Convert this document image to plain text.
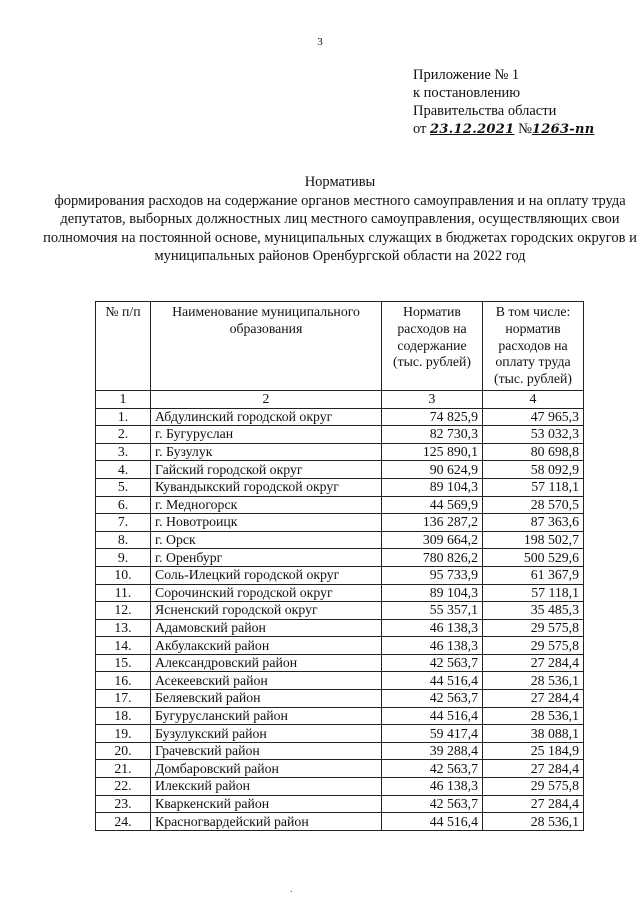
3
Приложение № 1
к постановлению
Правительства области
от 23.12.2021 №1263-пп
Нормативы
формирования расходов на содержание органов местного самоуправления и на оплату труда депутатов, выборных должностных лиц местного самоуправления, осуществляющих свои полномочия на постоянной основе, муниципальных служащих в бюджетах городских округов и муниципальных районов Оренбургской области на 2022 год
№ п/п	Наименование муниципального образования	Норматив расходов на содержание (тыс. рублей)	В том числе: норматив расходов на оплату труда (тыс. рублей)
1	2	3	4
1.	Абдулинский городской округ	74 825,9	47 965,3
2.	г. Бугуруслан	82 730,3	53 032,3
3.	г. Бузулук	125 890,1	80 698,8
4.	Гайский городской округ	90 624,9	58 092,9
5.	Кувандыкский городской округ	89 104,3	57 118,1
6.	г. Медногорск	44 569,9	28 570,5
7.	г. Новотроицк	136 287,2	87 363,6
8.	г. Орск	309 664,2	198 502,7
9.	г. Оренбург	780 826,2	500 529,6
10.	Соль-Илецкий городской округ	95 733,9	61 367,9
11.	Сорочинский городской округ	89 104,3	57 118,1
12.	Ясненский городской округ	55 357,1	35 485,3
13.	Адамовский район	46 138,3	29 575,8
14.	Акбулакский район	46 138,3	29 575,8
15.	Александровский район	42 563,7	27 284,4
16.	Асекеевский район	44 516,4	28 536,1
17.	Беляевский район	42 563,7	27 284,4
18.	Бугурусланский район	44 516,4	28 536,1
19.	Бузулукский район	59 417,4	38 088,1
20.	Грачевский район	39 288,4	25 184,9
21.	Домбаровский район	42 563,7	27 284,4
22.	Илекский район	46 138,3	29 575,8
23.	Кваркенский район	42 563,7	27 284,4
24.	Красногвардейский район	44 516,4	28 536,1
.
